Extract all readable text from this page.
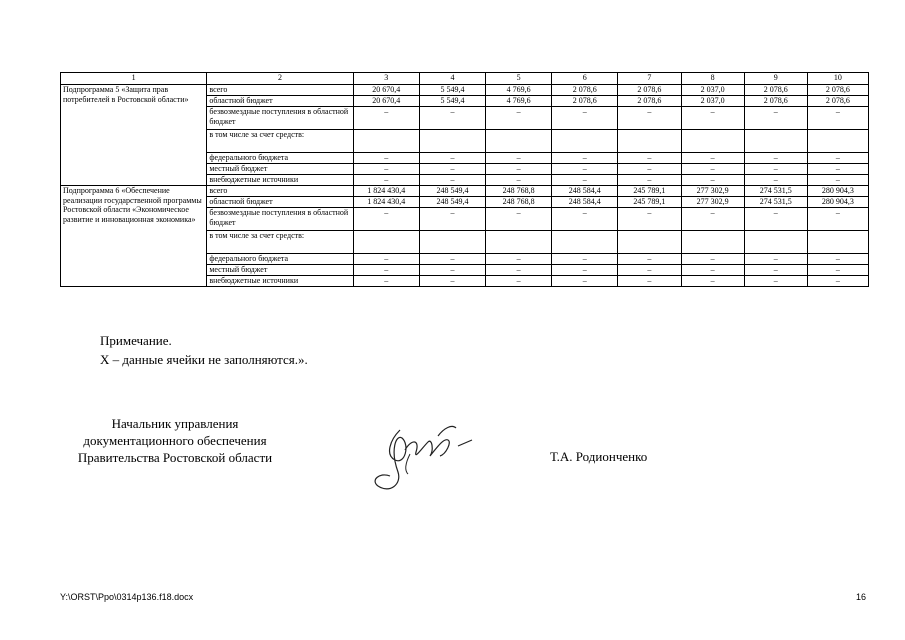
1	2	3	4	5	6	7	8	9	10
Подпрограмма 5 «Защита прав потребителей в Ростовской области»	всего	20 670,4	5 549,4	4 769,6	2 078,6	2 078,6	2 037,0	2 078,6	2 078,6
	областной бюджет	20 670,4	5 549,4	4 769,6	2 078,6	2 078,6	2 037,0	2 078,6	2 078,6
	безвозмездные поступления в областной бюджет	–	–	–	–	–	–	–	–
	в том числе за счет средств:								
	федерального бюджета	–	–	–	–	–	–	–	–
	местный бюджет	–	–	–	–	–	–	–	–
	внебюджетные источники	–	–	–	–	–	–	–	–
Подпрограмма 6 «Обеспечение реализации государственной программы Ростовской области «Экономическое развитие и инновационная экономика»	всего	1 824 430,4	248 549,4	248 768,8	248 584,4	245 789,1	277 302,9	274 531,5	280 904,3
	областной бюджет	1 824 430,4	248 549,4	248 768,8	248 584,4	245 789,1	277 302,9	274 531,5	280 904,3
	безвозмездные поступления в областной бюджет	–	–	–	–	–	–	–	–
	в том числе за счет средств:								
	федерального бюджета	–	–	–	–	–	–	–	–
	местный бюджет	–	–	–	–	–	–	–	–
	внебюджетные источники	–	–	–	–	–	–	–	–
Примечание.
Х – данные ячейки не заполняются.».
Начальник управления
документационного обеспечения
Правительства Ростовской области	Т.А. Родионченко
Y:\ORST\Ppo\0314p136.f18.docx	16
